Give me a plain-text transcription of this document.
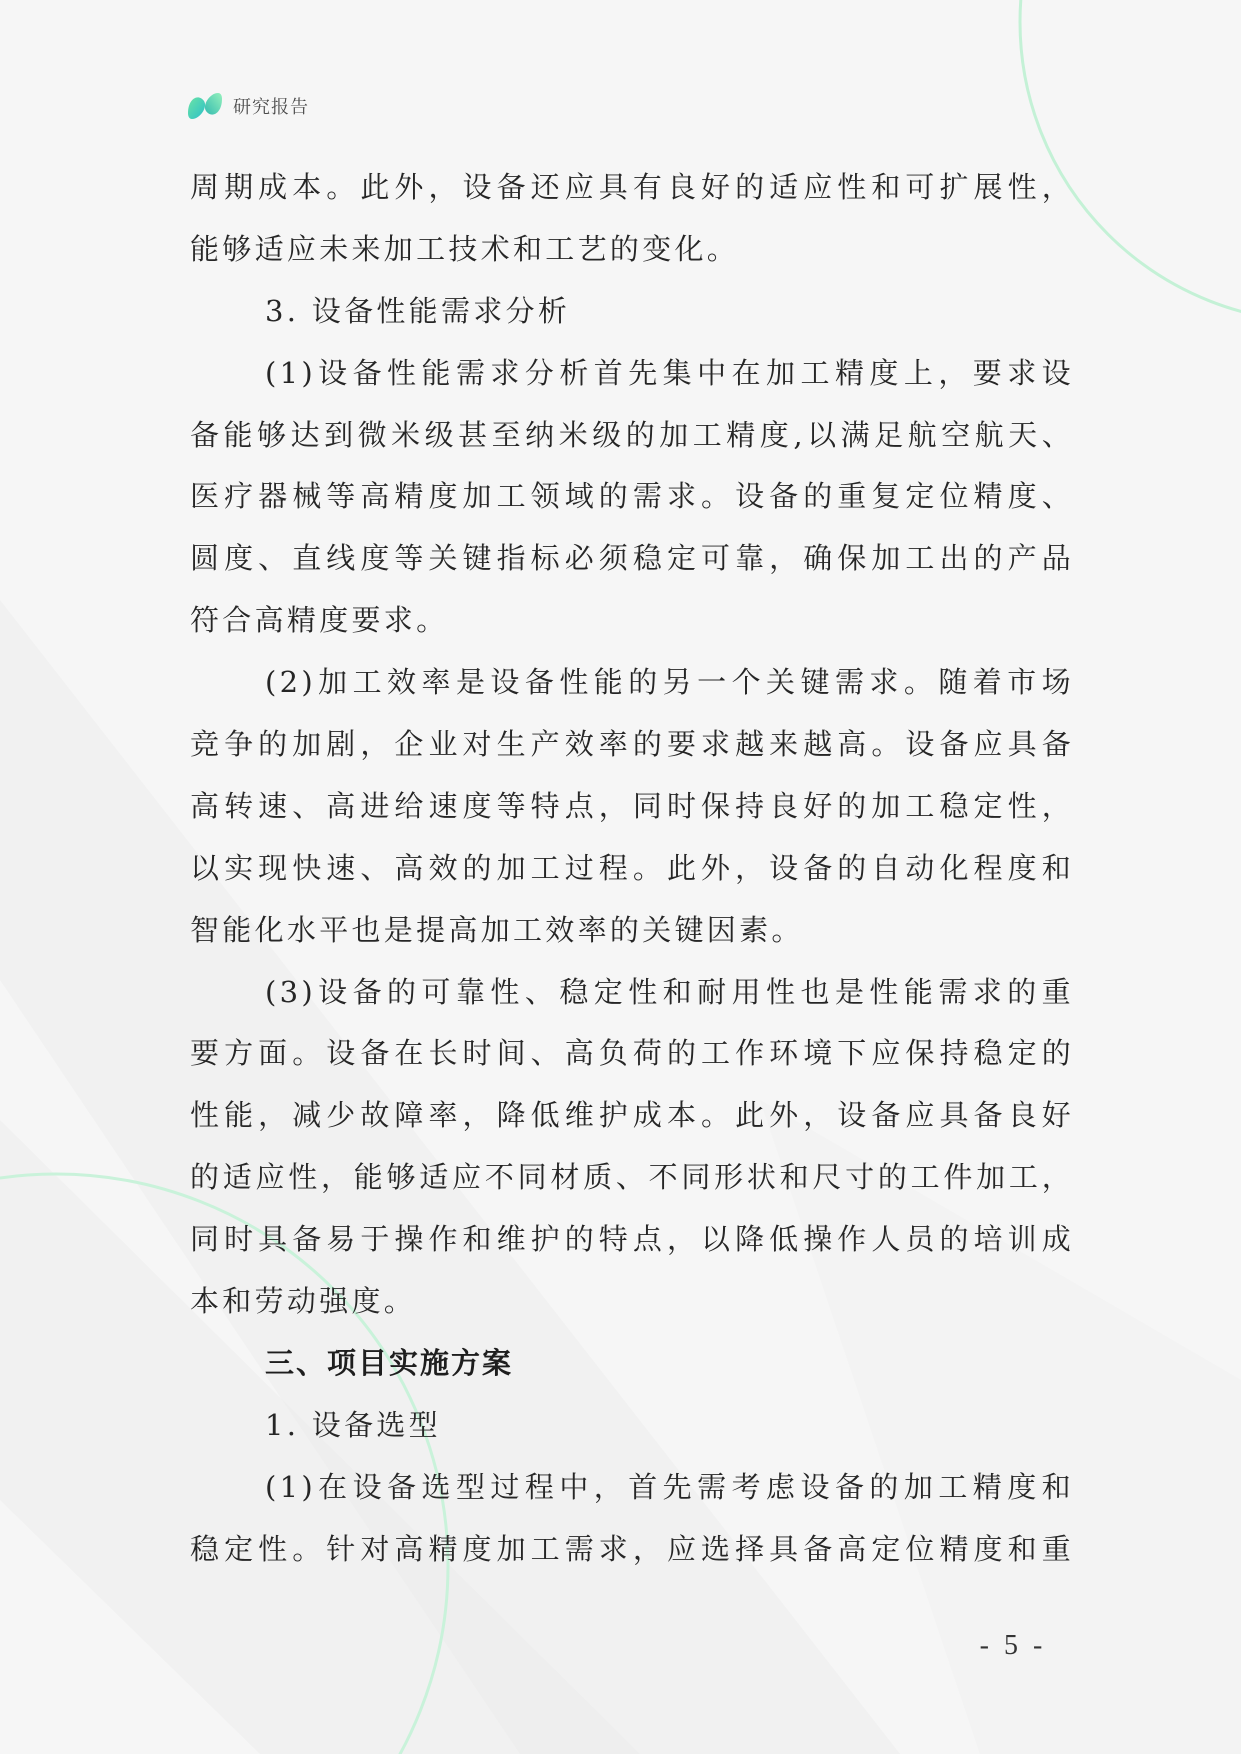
研究报告
周期成本。此外，设备还应具有良好的适应性和可扩展性，
能够适应未来加工技术和工艺的变化。
3. 设备性能需求分析
(1)设备性能需求分析首先集中在加工精度上，要求设
备能够达到微米级甚至纳米级的加工精度,以满足航空航天、
医疗器械等高精度加工领域的需求。设备的重复定位精度、
圆度、直线度等关键指标必须稳定可靠，确保加工出的产品
符合高精度要求。
(2)加工效率是设备性能的另一个关键需求。随着市场
竞争的加剧，企业对生产效率的要求越来越高。设备应具备
高转速、高进给速度等特点，同时保持良好的加工稳定性，
以实现快速、高效的加工过程。此外，设备的自动化程度和
智能化水平也是提高加工效率的关键因素。
(3)设备的可靠性、稳定性和耐用性也是性能需求的重
要方面。设备在长时间、高负荷的工作环境下应保持稳定的
性能，减少故障率，降低维护成本。此外，设备应具备良好
的适应性，能够适应不同材质、不同形状和尺寸的工件加工，
同时具备易于操作和维护的特点，以降低操作人员的培训成
本和劳动强度。
三、项目实施方案
1. 设备选型
(1)在设备选型过程中，首先需考虑设备的加工精度和
稳定性。针对高精度加工需求，应选择具备高定位精度和重
- 5 -
